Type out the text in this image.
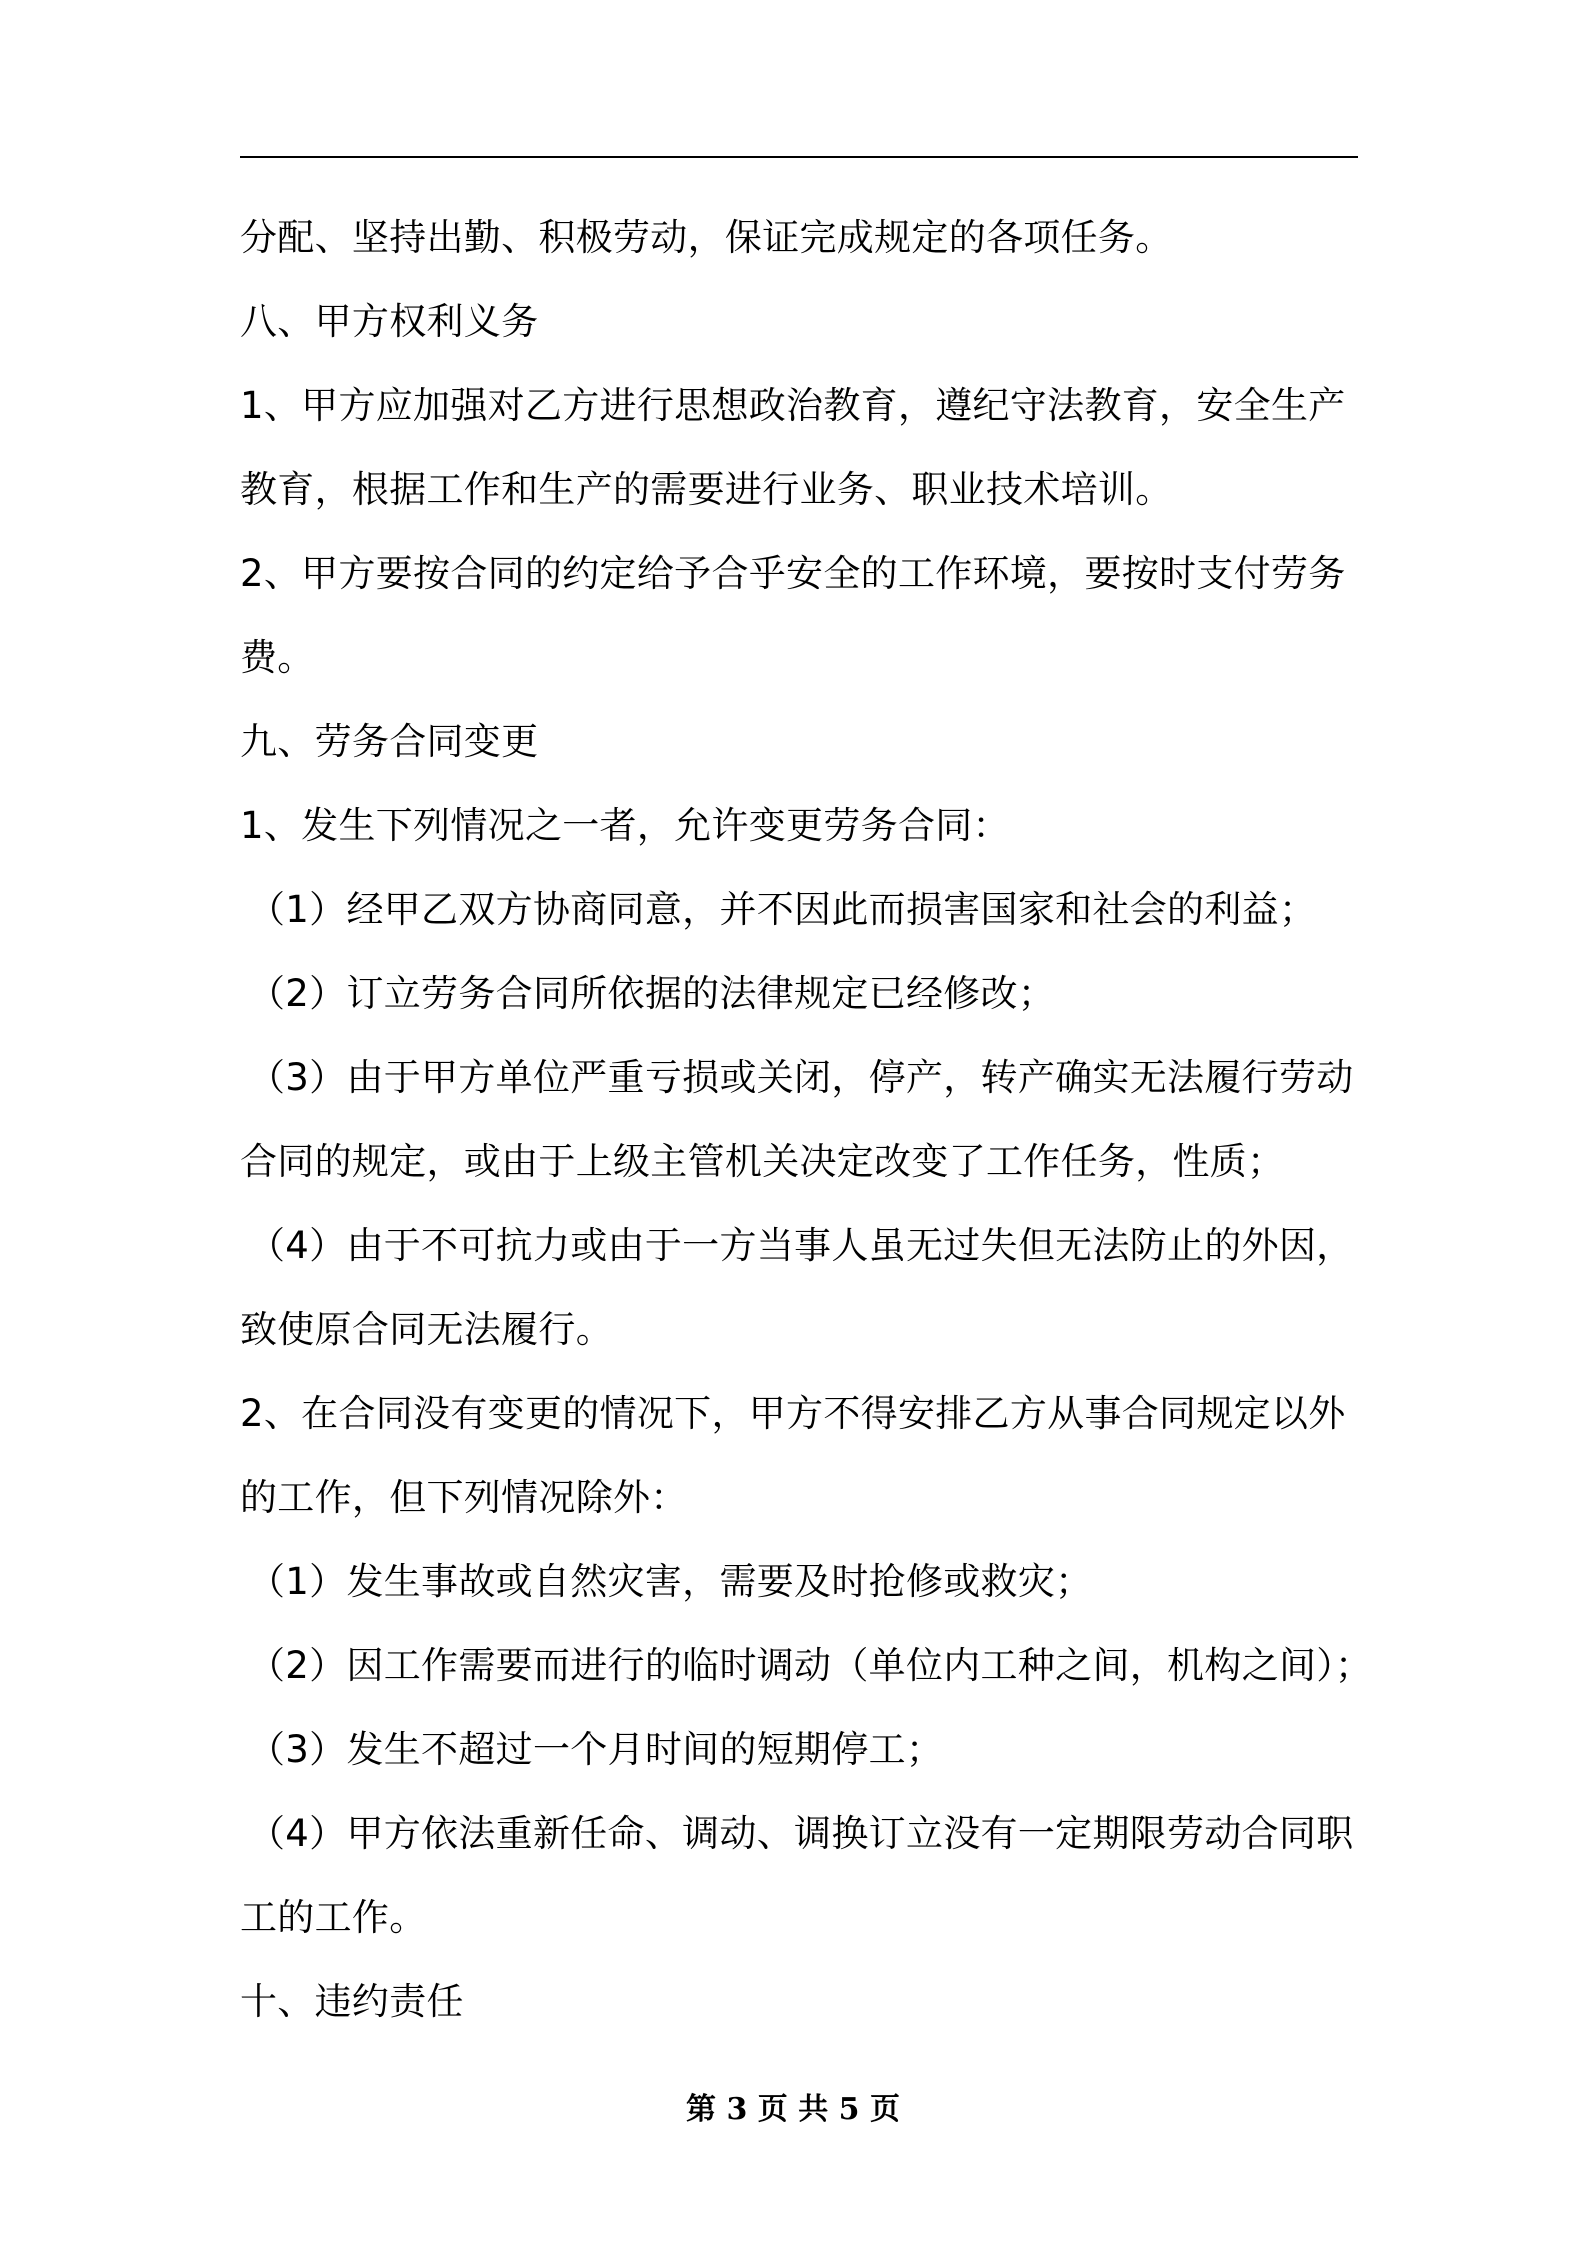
分配、坚持出勤、积极劳动，保证完成规定的各项任务。
八、甲方权利义务
1、甲方应加强对乙方进行思想政治教育，遵纪守法教育，安全生产
教育，根据工作和生产的需要进行业务、职业技术培训。
2、甲方要按合同的约定给予合乎安全的工作环境，要按时支付劳务
费。
九、劳务合同变更
1、发生下列情况之一者，允许变更劳务合同：
（1）经甲乙双方协商同意，并不因此而损害国家和社会的利益；
（2）订立劳务合同所依据的法律规定已经修改；
（3）由于甲方单位严重亏损或关闭，停产，转产确实无法履行劳动
合同的规定，或由于上级主管机关决定改变了工作任务，性质；
（4）由于不可抗力或由于一方当事人虽无过失但无法防止的外因，
致使原合同无法履行。
2、在合同没有变更的情况下，甲方不得安排乙方从事合同规定以外
的工作，但下列情况除外：
（1）发生事故或自然灾害，需要及时抢修或救灾；
（2）因工作需要而进行的临时调动（单位内工种之间，机构之间）；
（3）发生不超过一个月时间的短期停工；
（4）甲方依法重新任命、调动、调换订立没有一定期限劳动合同职
工的工作。
十、违约责任
第 3 页 共 5 页
